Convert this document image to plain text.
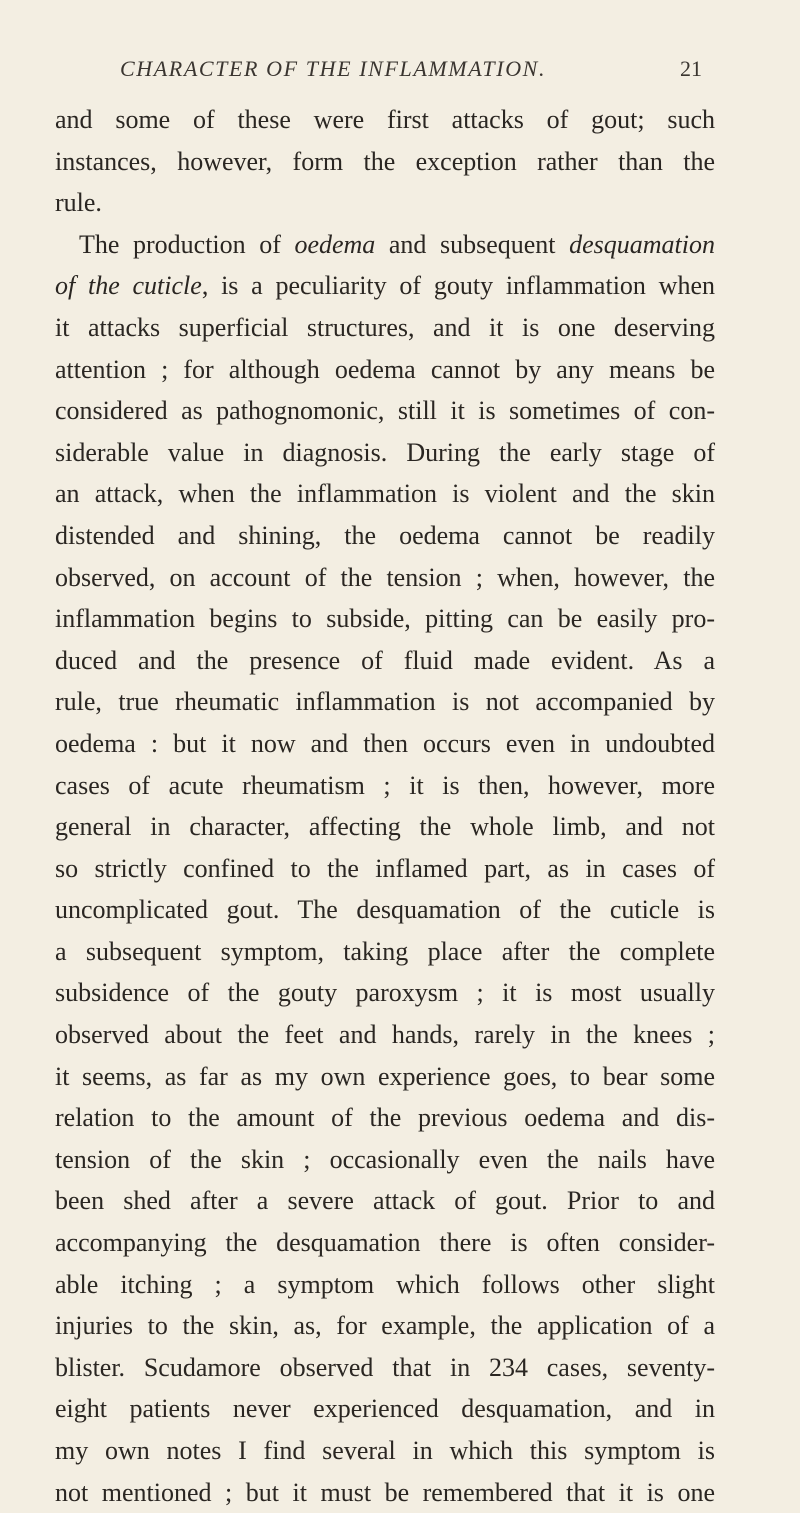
CHARACTER OF THE INFLAMMATION.	21
and some of these were first attacks of gout; such
instances, however, form the exception rather than the
rule.
The production of oedema and subsequent desquamation
of the cuticle, is a peculiarity of gouty inflammation when
it attacks superficial structures, and it is one deserving
attention ; for although oedema cannot by any means be
considered as pathognomonic, still it is sometimes of con-
siderable value in diagnosis. During the early stage of
an attack, when the inflammation is violent and the skin
distended and shining, the oedema cannot be readily
observed, on account of the tension ; when, however, the
inflammation begins to subside, pitting can be easily pro-
duced and the presence of fluid made evident. As a
rule, true rheumatic inflammation is not accompanied by
oedema : but it now and then occurs even in undoubted
cases of acute rheumatism ; it is then, however, more
general in character, affecting the whole limb, and not
so strictly confined to the inflamed part, as in cases of
uncomplicated gout. The desquamation of the cuticle is
a subsequent symptom, taking place after the complete
subsidence of the gouty paroxysm ; it is most usually
observed about the feet and hands, rarely in the knees ;
it seems, as far as my own experience goes, to bear some
relation to the amount of the previous oedema and dis-
tension of the skin ; occasionally even the nails have
been shed after a severe attack of gout. Prior to and
accompanying the desquamation there is often consider-
able itching ; a symptom which follows other slight
injuries to the skin, as, for example, the application of a
blister. Scudamore observed that in 234 cases, seventy-
eight patients never experienced desquamation, and in
my own notes I find several in which this symptom is
not mentioned ; but it must be remembered that it is one
